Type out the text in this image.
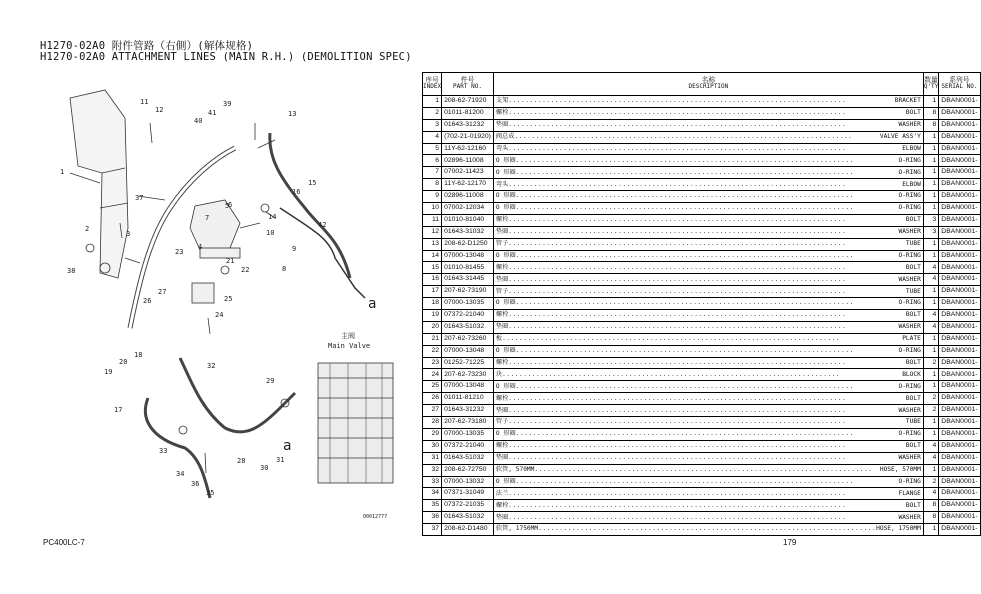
H1270-02A0 附件管路（右側）(解体规格)
H1270-02A0 ATTACHMENT LINES (MAIN R.H.) (DEMOLITION SPEC)
1
2
3
4
5
6
7
8
9
10
11
12	13
14
15
16
17
18
19
20
21
22
23
24
25
26
27
28
29
30
31
32
33
34
35
36
37
38
39
40
41
42
a
a
主阀
Main Valve
00012777
序号
INDEX	件号
PART NO.	名称
DESCRIPTION	数量
Q'TY	系列号
SERIAL NO.

1	208-62-71920	支架 ................................................................................ BRACKET	1	DBAN0001-
2	01011-81200	螺栓 ................................................................................ BOLT	8	DBAN0001-
3	01643-31232	垫圈 ................................................................................ WASHER	8	DBAN0001-
4	(702-21-01920)	阀总成 ................................................................................ VALVE ASS'Y	1	DBAN0001-
5	11Y-62-12160	弯头 ................................................................................ ELBOW	1	DBAN0001-
6	02896-11008	O 形圈 ................................................................................ O-RING	1	DBAN0001-
7	07002-11423	O 形圈 ................................................................................ O-RING	1	DBAN0001-
8	11Y-62-12170	弯头 ................................................................................ ELBOW	1	DBAN0001-
9	02896-11008	O 形圈 ................................................................................ O-RING	1	DBAN0001-
10	07002-12034	O 形圈 ................................................................................ O-RING	1	DBAN0001-
11	01010-81040	螺栓 ................................................................................ BOLT	3	DBAN0001-
12	01643-31032	垫圈 ................................................................................ WASHER	3	DBAN0001-
13	208-62-D1250	管子 ................................................................................ TUBE	1	DBAN0001-
14	07000-13048	O 形圈 ................................................................................ O-RING	1	DBAN0001-
15	01010-81455	螺栓 ................................................................................ BOLT	4	DBAN0001-
16	01643-31445	垫圈 ................................................................................ WASHER	4	DBAN0001-
17	207-62-73190	管子 ................................................................................ TUBE	1	DBAN0001-
18	07000-13035	O 形圈 ................................................................................ O-RING	1	DBAN0001-
19	07372-21040	螺栓 ................................................................................ BOLT	4	DBAN0001-
20	01643-51032	垫圈 ................................................................................ WASHER	4	DBAN0001-
21	207-62-73260	板 ................................................................................ PLATE	1	DBAN0001-
22	07000-13048	O 形圈 ................................................................................ O-RING	1	DBAN0001-
23	01252-71225	螺栓 ................................................................................ BOLT	2	DBAN0001-
24	207-62-73230	块 ................................................................................ BLOCK	1	DBAN0001-
25	07000-13048	O 形圈 ................................................................................ O-RING	1	DBAN0001-
26	01011-81210	螺栓 ................................................................................ BOLT	2	DBAN0001-
27	01643-31232	垫圈 ................................................................................ WASHER	2	DBAN0001-
28	207-62-73180	管子 ................................................................................ TUBE	1	DBAN0001-
29	07000-13035	O 形圈 ................................................................................ O-RING	1	DBAN0001-
30	07372-21040	螺栓 ................................................................................ BOLT	4	DBAN0001-
31	01643-51032	垫圈 ................................................................................ WASHER	4	DBAN0001-
32	208-62-72750	软管, 570MM ................................................................................ HOSE, 570MM	1	DBAN0001-
33	07000-13032	O 形圈 ................................................................................ O-RING	2	DBAN0001-
34	07371-31049	法兰 ................................................................................ FLANGE	4	DBAN0001-
35	07372-21035	螺栓 ................................................................................ BOLT	8	DBAN0001-
36	01643-51032	垫圈 ................................................................................ WASHER	8	DBAN0001-
37	208-62-D1480	软管, 1750MM ................................................................................ HOSE, 1750MM	1	DBAN0001-
PC400LC-7	179
